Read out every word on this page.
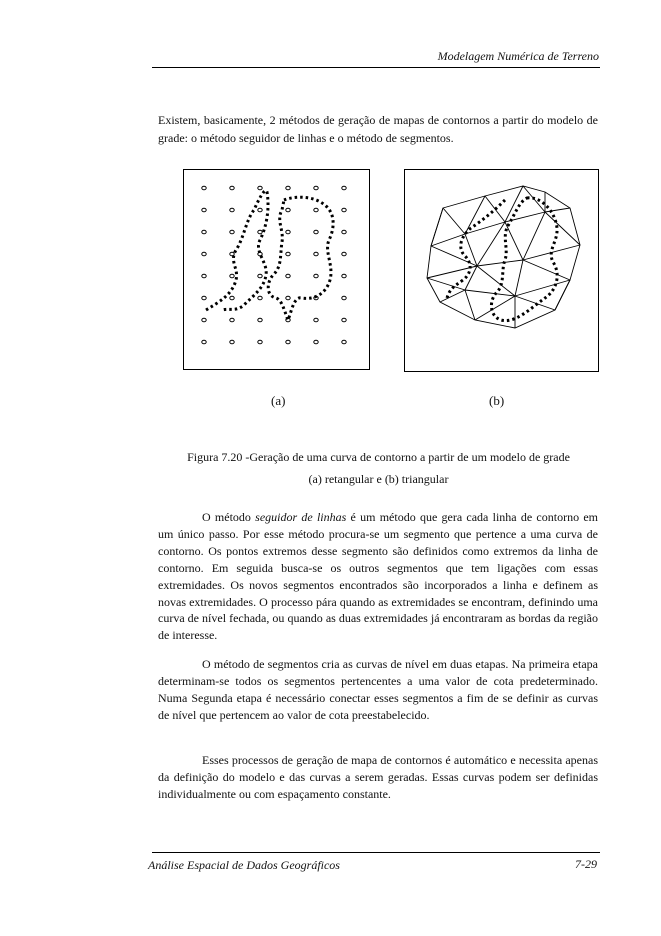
Modelagem Numérica de Terreno
Existem, basicamente, 2 métodos de geração de mapas de contornos a partir do modelo de grade: o método seguidor de linhas e o método de segmentos.
(a)	(b)
Figura 7.20 -Geração de uma curva de contorno a partir de um modelo de grade
(a) retangular e (b) triangular
O método seguidor de linhas é um método que gera cada linha de contorno em um único passo. Por esse método procura-se um segmento que pertence a uma curva de contorno. Os pontos extremos desse segmento são definidos como extremos da linha de contorno. Em seguida busca-se os outros segmentos que tem ligações com essas extremidades. Os novos segmentos encontrados são incorporados a linha e definem as novas extremidades. O processo pára quando as extremidades se encontram, definindo uma curva de nível fechada, ou quando as duas extremidades já encontraram as bordas da região de interesse.
O método de segmentos cria as curvas de nível em duas etapas. Na primeira etapa determinam-se todos os segmentos pertencentes a uma valor de cota predeterminado. Numa Segunda etapa é necessário conectar esses segmentos a fim de se definir as curvas de nível que pertencem ao valor de cota preestabelecido.
Esses processos de geração de mapa de contornos é automático e necessita apenas da definição do modelo e das curvas a serem geradas. Essas curvas podem ser definidas individualmente ou com espaçamento constante.
Análise Espacial de Dados Geográficos	7-29
